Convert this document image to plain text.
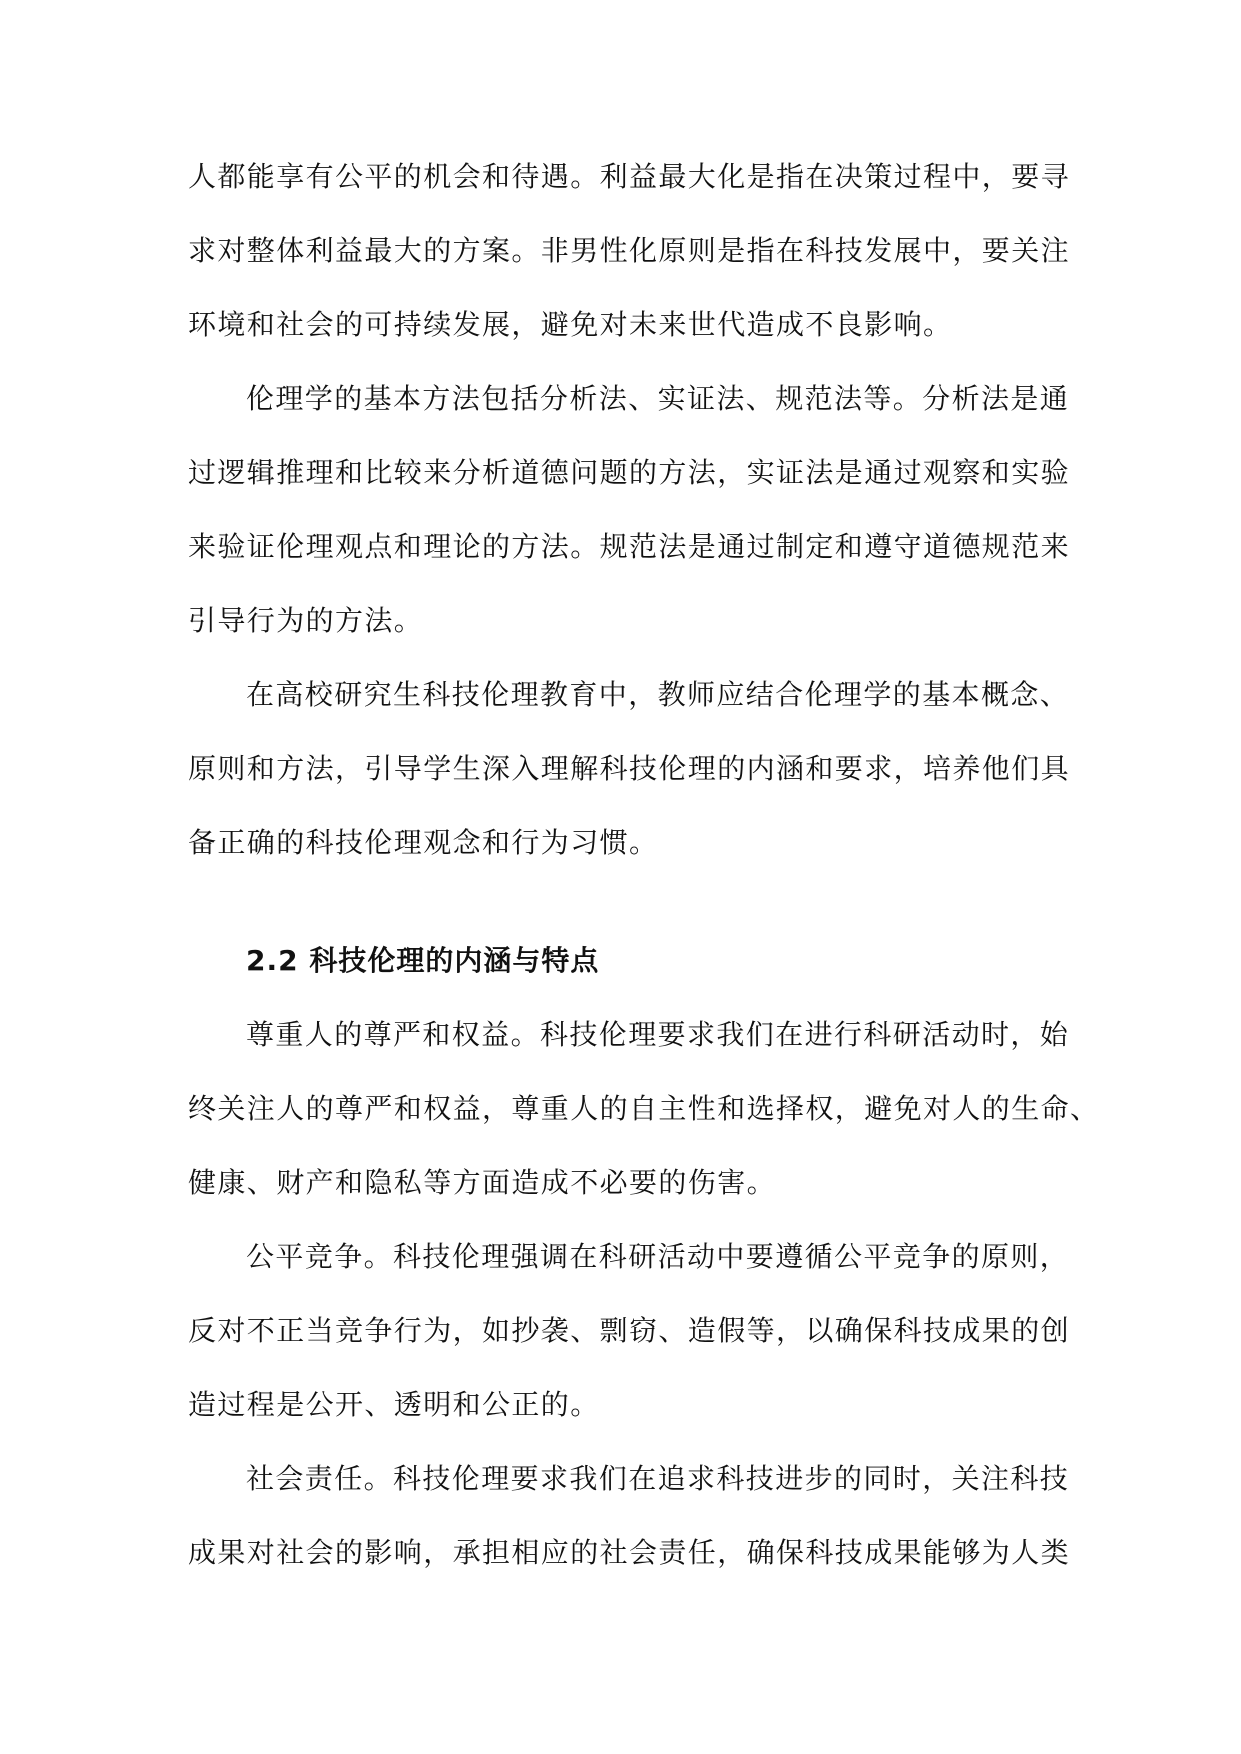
人都能享有公平的机会和待遇。利益最大化是指在决策过程中，要寻
求对整体利益最大的方案。非男性化原则是指在科技发展中，要关注
环境和社会的可持续发展，避免对未来世代造成不良影响。
伦理学的基本方法包括分析法、实证法、规范法等。分析法是通
过逻辑推理和比较来分析道德问题的方法，实证法是通过观察和实验
来验证伦理观点和理论的方法。规范法是通过制定和遵守道德规范来
引导行为的方法。
在高校研究生科技伦理教育中，教师应结合伦理学的基本概念、
原则和方法，引导学生深入理解科技伦理的内涵和要求，培养他们具
备正确的科技伦理观念和行为习惯。
2.2 科技伦理的内涵与特点
尊重人的尊严和权益。科技伦理要求我们在进行科研活动时，始
终关注人的尊严和权益，尊重人的自主性和选择权，避免对人的生命、
健康、财产和隐私等方面造成不必要的伤害。
公平竞争。科技伦理强调在科研活动中要遵循公平竞争的原则，
反对不正当竞争行为，如抄袭、剽窃、造假等，以确保科技成果的创
造过程是公开、透明和公正的。
社会责任。科技伦理要求我们在追求科技进步的同时，关注科技
成果对社会的影响，承担相应的社会责任，确保科技成果能够为人类
